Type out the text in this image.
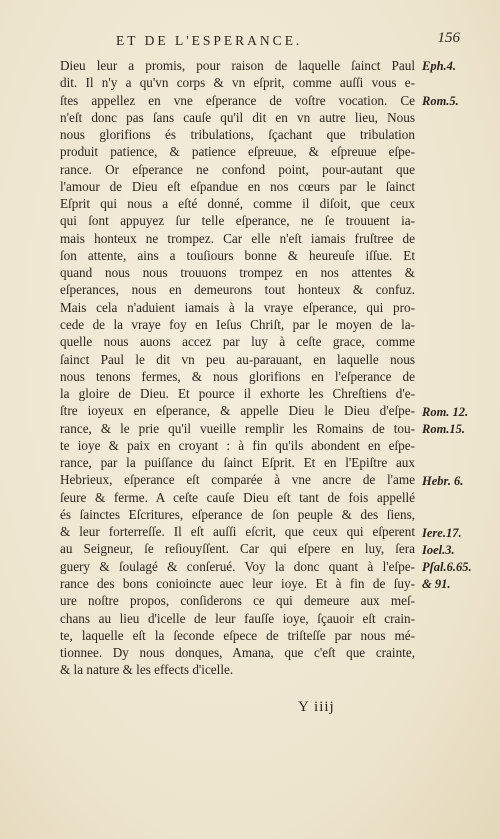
ET DE L'ESPERANCE.	156
Dieu leur a promis, pour raison de laquelle ſainct Paul
dit. Il n'y a qu'vn corps & vn eſprit, comme auſſi vous e-
ſtes appellez en vne eſperance de voſtre vocation. Ce
n'eſt donc pas ſans cauſe qu'il dit en vn autre lieu, Nous
nous glorifions és tribulations, ſçachant que tribulation
produit patience, & patience eſpreuue, & eſpreuue eſpe-
rance. Or eſperance ne confond point, pour-autant que
l'amour de Dieu eſt eſpandue en nos cœurs par le ſainct
Eſprit qui nous a eſté donné, comme il diſoit, que ceux
qui ſont appuyez ſur telle eſperance, ne ſe trouuent ia-
mais honteux ne trompez. Car elle n'eſt iamais fruſtree de
ſon attente, ains a touſiours bonne & heureuſe iſſue. Et
quand nous nous trouuons trompez en nos attentes &
eſperances, nous en demeurons tout honteux & confuz.
Mais cela n'aduient iamais à la vraye eſperance, qui pro-
cede de la vraye foy en Ieſus Chriſt, par le moyen de la-
quelle nous auons accez par luy à ceſte grace, comme
ſainct Paul le dit vn peu au-parauant, en laquelle nous
nous tenons fermes, & nous glorifions en l'eſperance de
la gloire de Dieu. Et pource il exhorte les Chreſtiens d'e-
ſtre ioyeux en eſperance, & appelle Dieu le Dieu d'eſpe-
rance, & le prie qu'il vueille remplir les Romains de tou-
te ioye & paix en croyant : à fin qu'ils abondent en eſpe-
rance, par la puiſſance du ſainct Eſprit. Et en l'Epiſtre aux
Hebrieux, eſperance eſt comparée à vne ancre de l'ame
ſeure & ferme. A ceſte cauſe Dieu eſt tant de fois appellé
és ſainctes Eſcritures, eſperance de ſon peuple & des ſiens,
& leur forterreſſe. Il eſt auſſi eſcrit, que ceux qui eſperent
au Seigneur, ſe reſiouyſſent. Car qui eſpere en luy, ſera
guery & ſoulagé & conſerué. Voy la donc quant à l'eſpe-
rance des bons conioincte auec leur ioye. Et à fin de ſuy-
ure noſtre propos, conſiderons ce qui demeure aux meſ-
chans au lieu d'icelle de leur fauſſe ioye, ſçauoir eſt crain-
te, laquelle eſt la ſeconde eſpece de triſteſſe par nous mé-
tionnee. Dy nous donques, Amana, que c'eſt que crainte,
& la nature & les effects d'icelle.
Eph.4.
Rom.5.
Rom. 12.
Rom.15.
Hebr. 6.
Iere.17.
Ioel.3.
Pſal.6.65.
& 91.
Y iiij
